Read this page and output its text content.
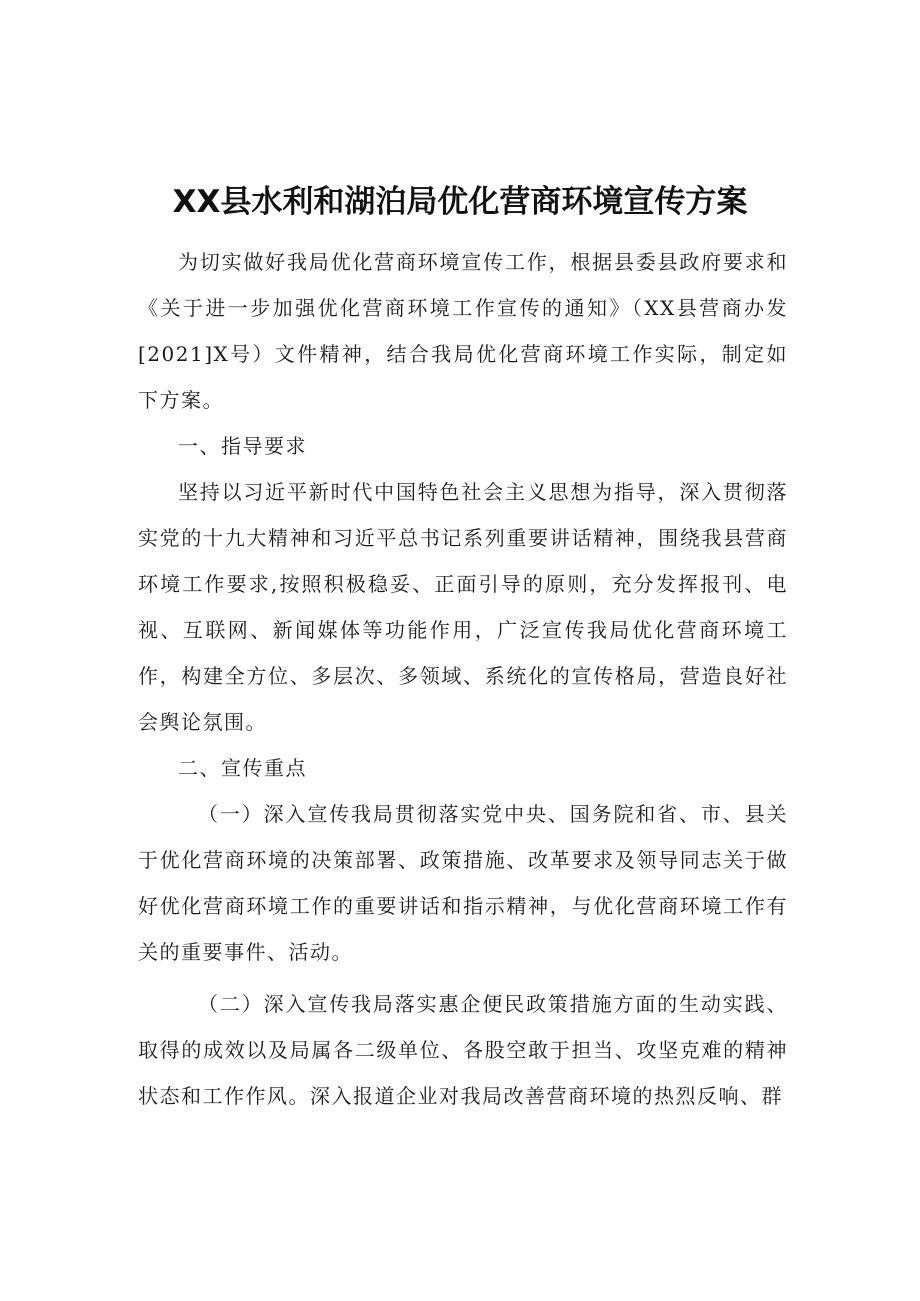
XX县水利和湖泊局优化营商环境宣传方案

为切实做好我局优化营商环境宣传工作，根据县委县政府要求和《关于进一步加强优化营商环境工作宣传的通知》（XX县营商办发[2021]X号）文件精神，结合我局优化营商环境工作实际，制定如下方案。

一、指导要求

坚持以习近平新时代中国特色社会主义思想为指导，深入贯彻落实党的十九大精神和习近平总书记系列重要讲话精神，围绕我县营商环境工作要求,按照积极稳妥、正面引导的原则，充分发挥报刊、电视、互联网、新闻媒体等功能作用，广泛宣传我局优化营商环境工作，构建全方位、多层次、多领域、系统化的宣传格局，营造良好社会舆论氛围。

二、宣传重点

（一）深入宣传我局贯彻落实党中央、国务院和省、市、县关于优化营商环境的决策部署、政策措施、改革要求及领导同志关于做好优化营商环境工作的重要讲话和指示精神，与优化营商环境工作有关的重要事件、活动。

（二）深入宣传我局落实惠企便民政策措施方面的生动实践、取得的成效以及局属各二级单位、各股空敢于担当、攻坚克难的精神状态和工作作风。深入报道企业对我局改善营商环境的热烈反响、群
